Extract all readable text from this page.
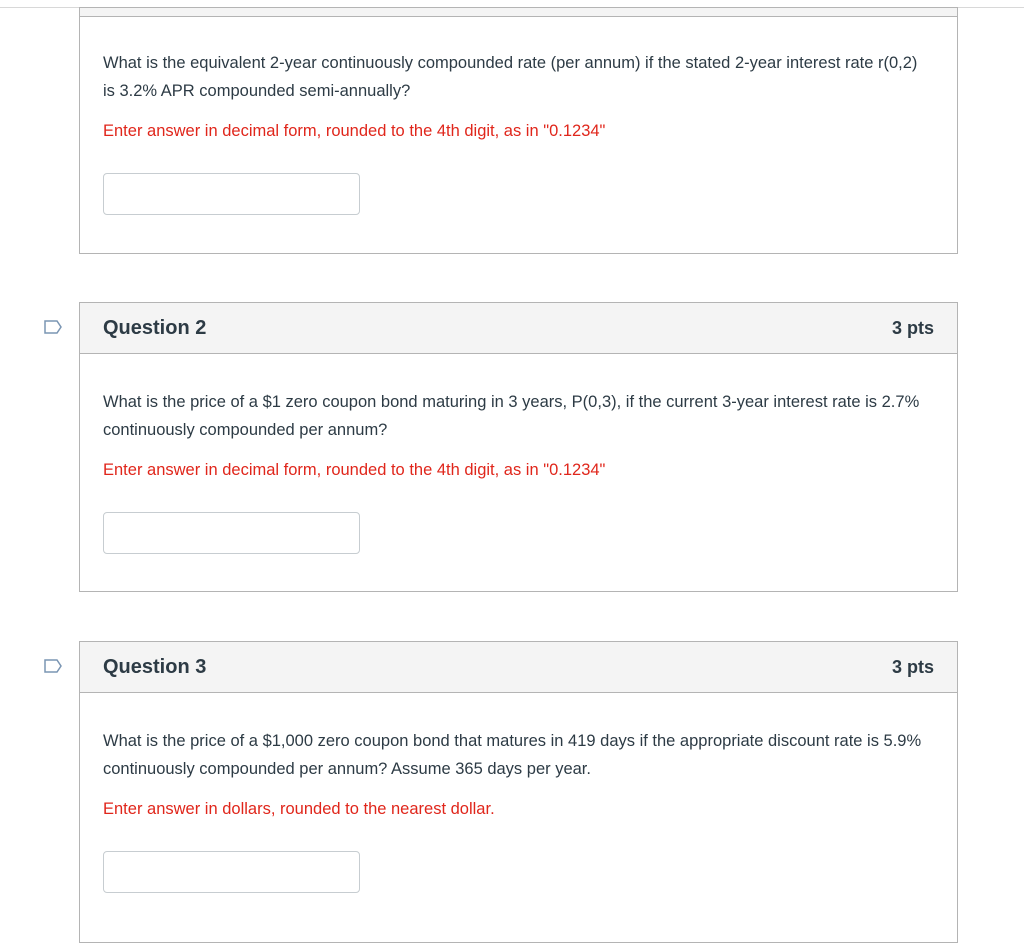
What is the equivalent 2-year continuously compounded rate (per annum) if the stated 2-year interest rate r(0,2) is 3.2% APR compounded semi-annually?
Enter answer in decimal form, rounded to the 4th digit, as in "0.1234"
Question 2	3 pts
What is the price of a $1 zero coupon bond maturing in 3 years, P(0,3), if the current 3-year interest rate is 2.7% continuously compounded per annum?
Enter answer in decimal form, rounded to the 4th digit, as in "0.1234"
Question 3	3 pts
What is the price of a $1,000 zero coupon bond that matures in 419 days if the appropriate discount rate is 5.9% continuously compounded per annum? Assume 365 days per year.
Enter answer in dollars, rounded to the nearest dollar.
